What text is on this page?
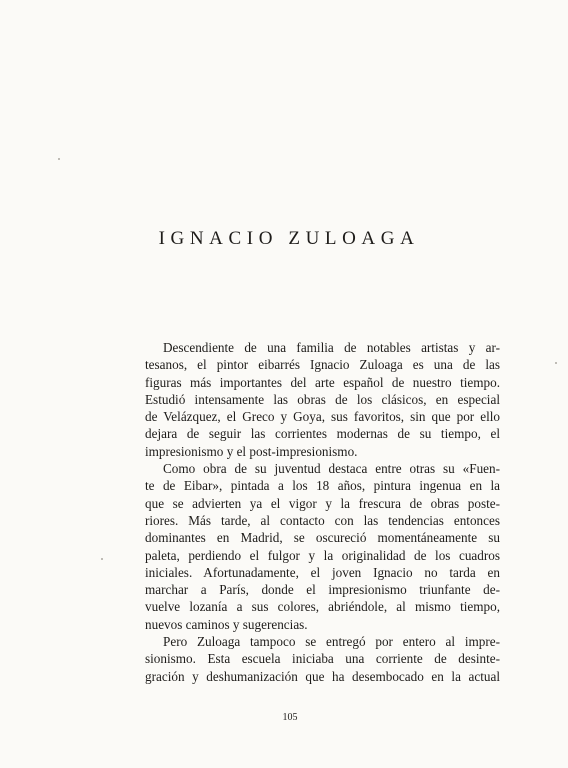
IGNACIO ZULOAGA

Descendiente de una familia de notables artistas y ar-
tesanos, el pintor eibarrés Ignacio Zuloaga es una de las
figuras más importantes del arte español de nuestro tiempo.
Estudió intensamente las obras de los clásicos, en especial
de Velázquez, el Greco y Goya, sus favoritos, sin que por ello
dejara de seguir las corrientes modernas de su tiempo, el
impresionismo y el post-impresionismo.

Como obra de su juventud destaca entre otras su «Fuen-
te de Eibar», pintada a los 18 años, pintura ingenua en la
que se advierten ya el vigor y la frescura de obras poste-
riores. Más tarde, al contacto con las tendencias entonces
dominantes en Madrid, se oscureció momentáneamente su
paleta, perdiendo el fulgor y la originalidad de los cuadros
iniciales. Afortunadamente, el joven Ignacio no tarda en
marchar a París, donde el impresionismo triunfante de-
vuelve lozanía a sus colores, abriéndole, al mismo tiempo,
nuevos caminos y sugerencias.

Pero Zuloaga tampoco se entregó por entero al impre-
sionismo. Esta escuela iniciaba una corriente de desinte-
gración y deshumanización que ha desembocado en la actual

105
